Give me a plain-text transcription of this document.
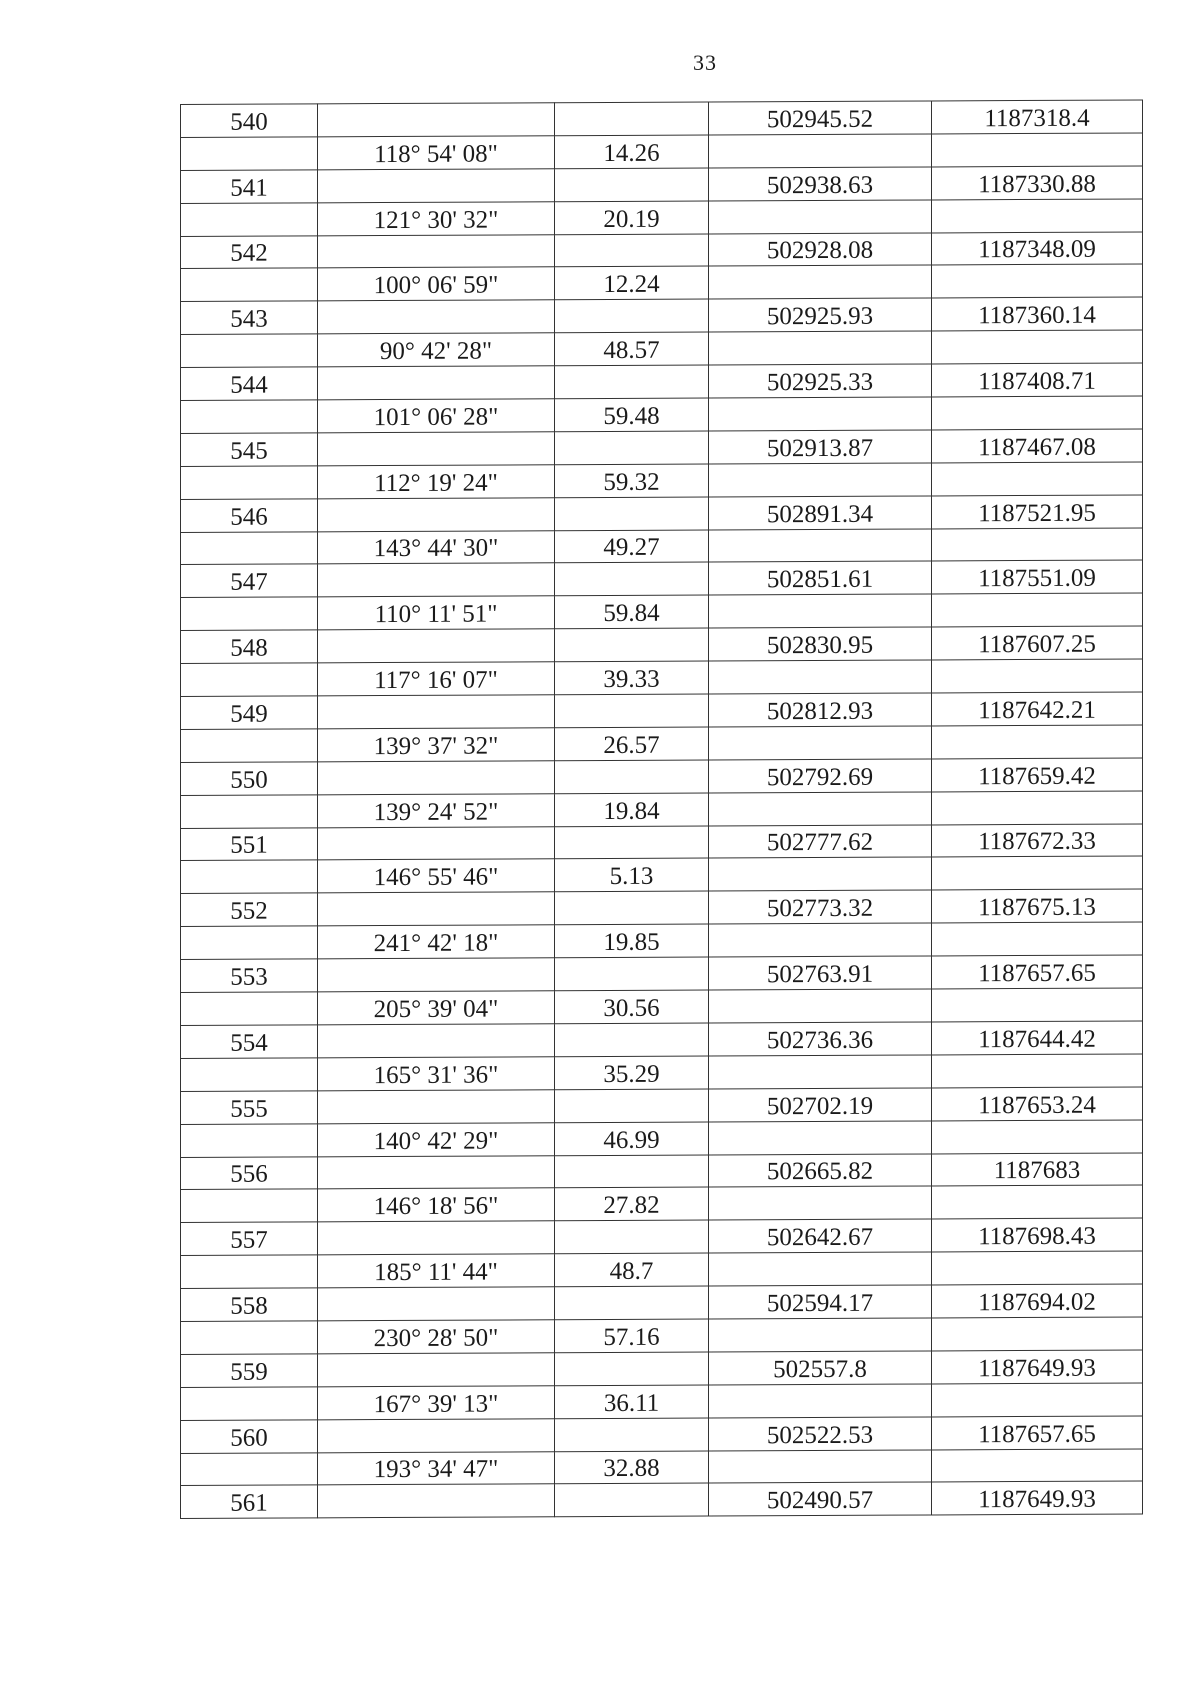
33
540			502945.52	1187318.4
	118° 54' 08"	14.26		
541			502938.63	1187330.88
	121° 30' 32"	20.19		
542			502928.08	1187348.09
	100° 06' 59"	12.24		
543			502925.93	1187360.14
	90° 42' 28"	48.57		
544			502925.33	1187408.71
	101° 06' 28"	59.48		
545			502913.87	1187467.08
	112° 19' 24"	59.32		
546			502891.34	1187521.95
	143° 44' 30"	49.27		
547			502851.61	1187551.09
	110° 11' 51"	59.84		
548			502830.95	1187607.25
	117° 16' 07"	39.33		
549			502812.93	1187642.21
	139° 37' 32"	26.57		
550			502792.69	1187659.42
	139° 24' 52"	19.84		
551			502777.62	1187672.33
	146° 55' 46"	5.13		
552			502773.32	1187675.13
	241° 42' 18"	19.85		
553			502763.91	1187657.65
	205° 39' 04"	30.56		
554			502736.36	1187644.42
	165° 31' 36"	35.29		
555			502702.19	1187653.24
	140° 42' 29"	46.99		
556			502665.82	1187683
	146° 18' 56"	27.82		
557			502642.67	1187698.43
	185° 11' 44"	48.7		
558			502594.17	1187694.02
	230° 28' 50"	57.16		
559			502557.8	1187649.93
	167° 39' 13"	36.11		
560			502522.53	1187657.65
	193° 34' 47"	32.88		
561			502490.57	1187649.93
